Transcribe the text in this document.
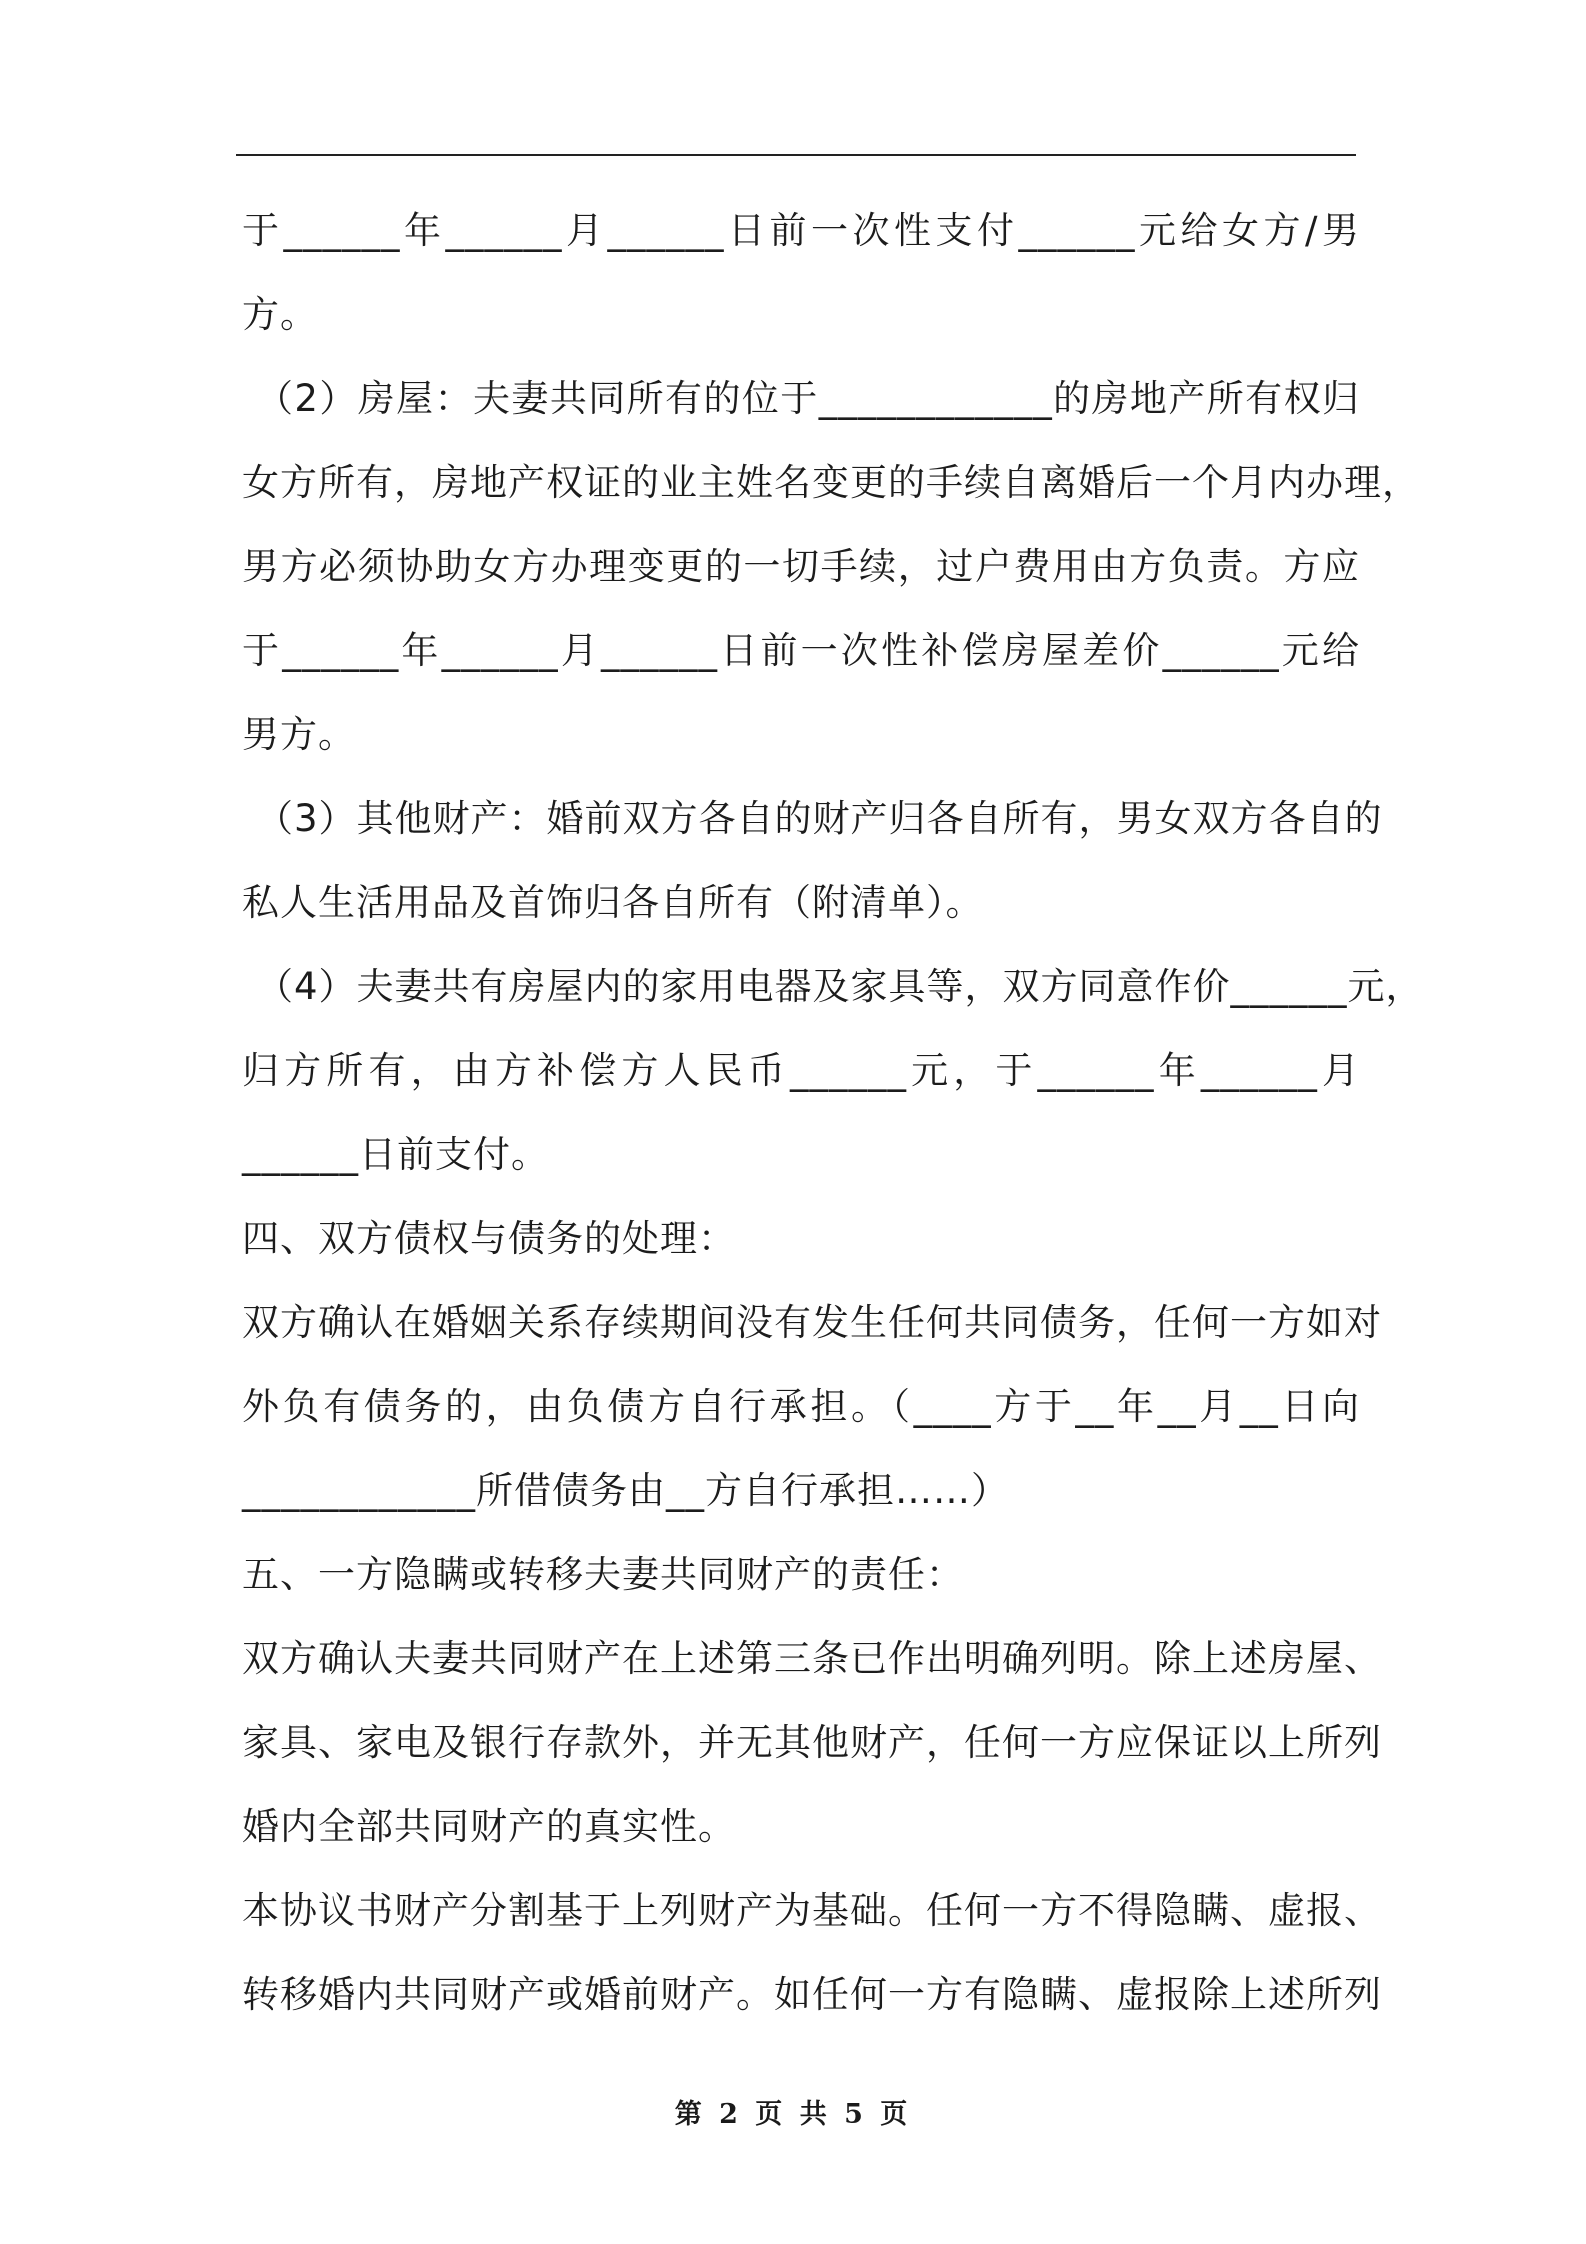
于______年______月______日前一次性支付______元给女方/男
方。
（2）房屋：夫妻共同所有的位于____________的房地产所有权归
女方所有，房地产权证的业主姓名变更的手续自离婚后一个月内办理，
男方必须协助女方办理变更的一切手续，过户费用由方负责。方应
于______年______月______日前一次性补偿房屋差价______元给
男方。
（3）其他财产：婚前双方各自的财产归各自所有，男女双方各自的
私人生活用品及首饰归各自所有（附清单）。
（4）夫妻共有房屋内的家用电器及家具等，双方同意作价______元，
归方所有，由方补偿方人民币______元，于______年______月
______日前支付。
四、双方债权与债务的处理：
双方确认在婚姻关系存续期间没有发生任何共同债务，任何一方如对
外负有债务的，由负债方自行承担。（____方于__年__月__日向
____________所借债务由__方自行承担……）
五、一方隐瞒或转移夫妻共同财产的责任：
双方确认夫妻共同财产在上述第三条已作出明确列明。除上述房屋、
家具、家电及银行存款外，并无其他财产，任何一方应保证以上所列
婚内全部共同财产的真实性。
本协议书财产分割基于上列财产为基础。任何一方不得隐瞒、虚报、
转移婚内共同财产或婚前财产。如任何一方有隐瞒、虚报除上述所列
第 2 页 共 5 页
